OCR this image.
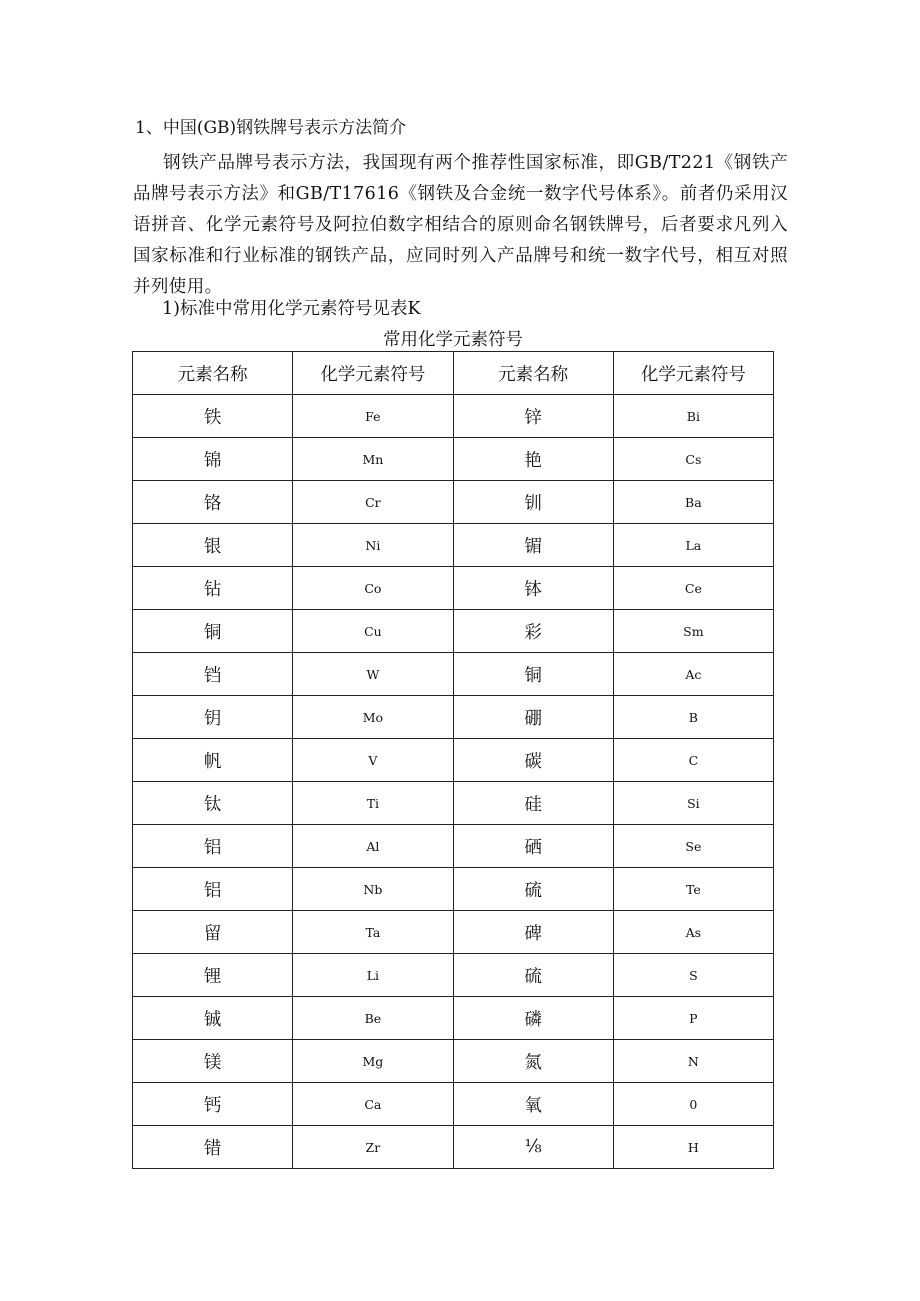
1、中国(GB)钢铁牌号表示方法简介
钢铁产品牌号表示方法，我国现有两个推荐性国家标准，即GB/T221《钢铁产品牌号表示方法》和GB/T17616《钢铁及合金统一数字代号体系》。前者仍采用汉语拼音、化学元素符号及阿拉伯数字相结合的原则命名钢铁牌号，后者要求凡列入国家标准和行业标准的钢铁产品，应同时列入产品牌号和统一数字代号，相互对照并列使用。
1)标准中常用化学元素符号见表K
常用化学元素符号
元素名称	化学元素符号	元素名称	化学元素符号
铁	Fe	锌	Bi
锦	Mn	艳	Cs
铬	Cr	钏	Ba
银	Ni	镅	La
钻	Co	钵	Ce
铜	Cu	彩	Sm
铛	W	铜	Ac
钥	Mo	硼	B
帆	V	碳	C
钛	Ti	硅	Si
铝	Al	硒	Se
铝	Nb	硫	Te
留	Ta	碑	As
锂	Li	硫	S
铖	Be	磷	P
镁	Mg	氮	N
钙	Ca	氧	0
错	Zr	⅛	H
